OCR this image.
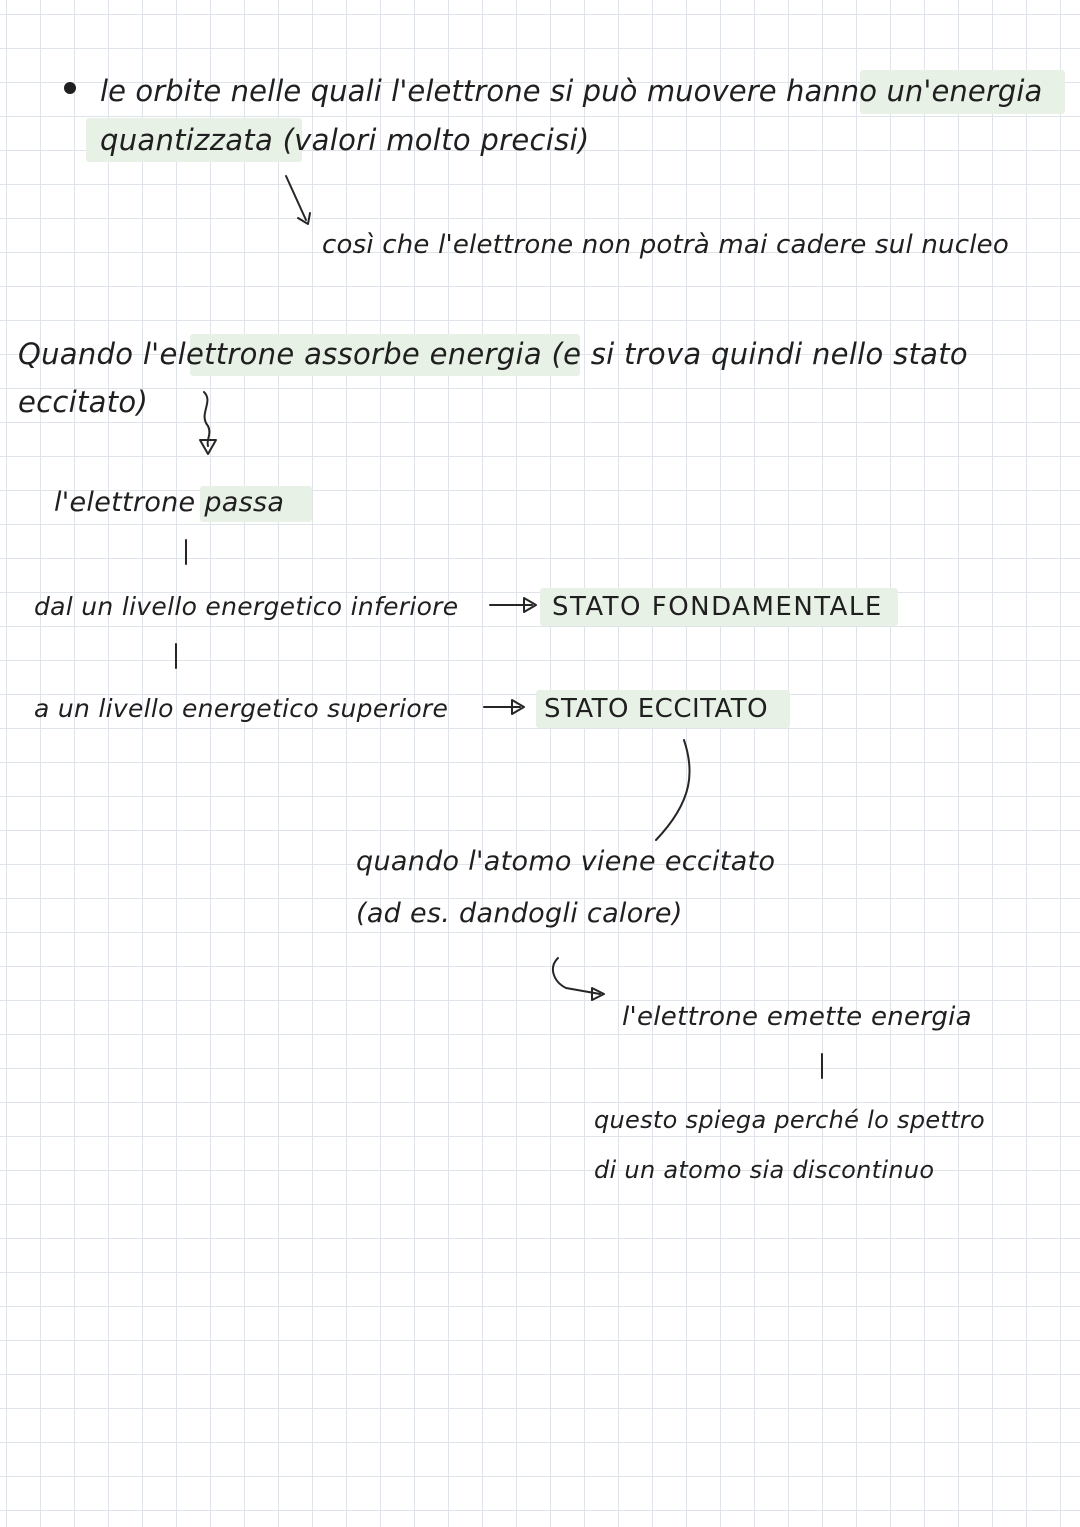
le orbite nelle quali l'elettrone si può muovere hanno un'energia
quantizzata (valori molto precisi)
così che l'elettrone non potrà mai cadere sul nucleo
Quando l'elettrone assorbe energia (e si trova quindi nello stato
eccitato)
l'elettrone passa
dal un livello energetico inferiore	STATO FONDAMENTALE
a un livello energetico superiore	STATO ECCITATO
quando l'atomo viene eccitato
(ad es. dandogli calore)
l'elettrone emette energia
questo spiega perché lo spettro
di un atomo sia discontinuo
